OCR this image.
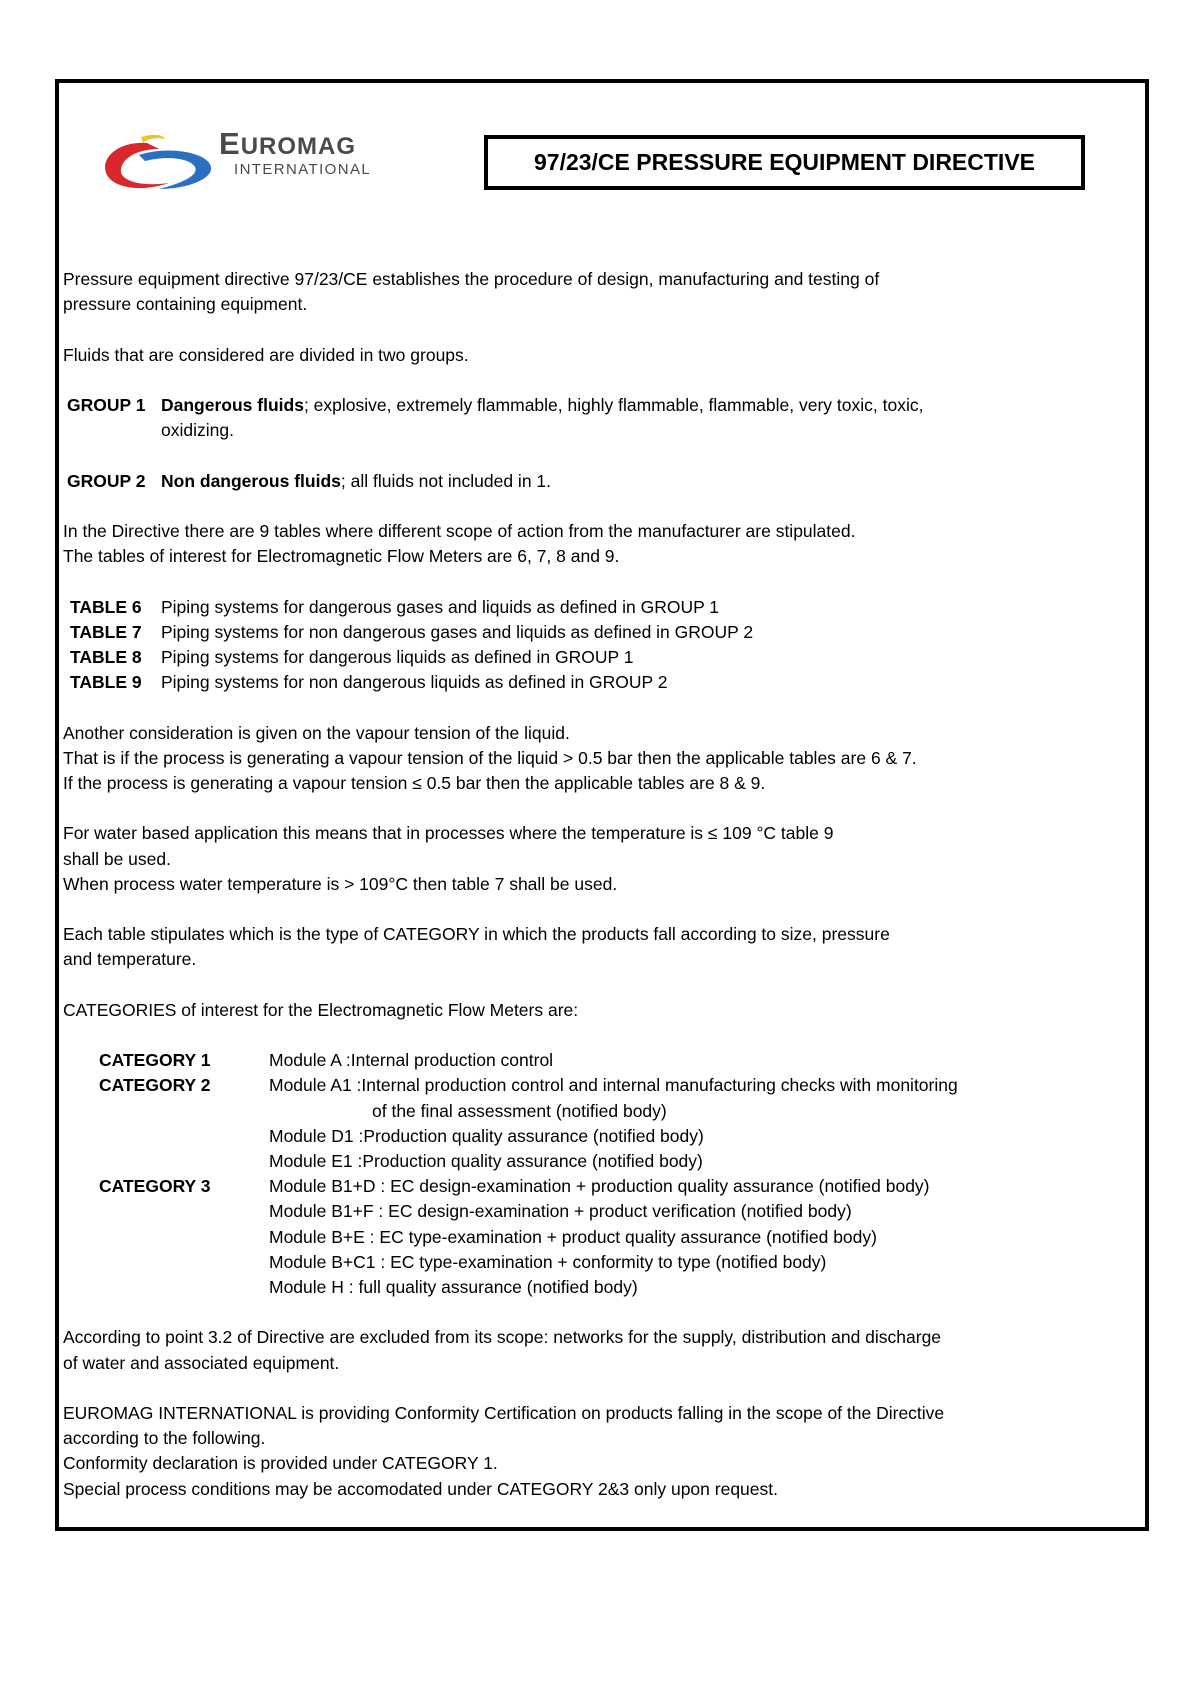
EUROMAG
INTERNATIONAL	97/23/CE PRESSURE EQUIPMENT DIRECTIVE

Pressure equipment directive 97/23/CE establishes the procedure of design, manufacturing and testing of

pressure containing equipment.

Fluids that are considered are divided in two groups.

GROUP 1 Dangerous fluids; explosive, extremely flammable, highly flammable, flammable, very toxic, toxic,
oxidizing.
GROUP 2 Non dangerous fluids; all fluids not included in 1.

In the Directive there are 9 tables where different scope of action from the manufacturer are stipulated.

The tables of interest for Electromagnetic Flow Meters are 6, 7, 8 and 9.

TABLE 6	Piping systems for dangerous gases and liquids as defined in GROUP 1
TABLE 7	Piping systems for non dangerous gases and liquids as defined in GROUP 2
TABLE 8	Piping systems for dangerous liquids as defined in GROUP 1
TABLE 9	Piping systems for non dangerous liquids as defined in GROUP 2

Another consideration is given on the vapour tension of the liquid.

That is if the process is generating a vapour tension of the liquid > 0.5 bar then the applicable tables are 6 & 7.

If the process is generating a vapour tension ≤ 0.5 bar then the applicable tables are 8 & 9.

For water based application this means that in processes where the temperature is ≤ 109 °C table 9

shall be used.

When process water temperature is > 109°C then table 7 shall be used.

Each table stipulates which is the type of CATEGORY in which the products fall according to size, pressure

and temperature.

CATEGORIES of interest for the Electromagnetic Flow Meters are:

CATEGORY 1	Module A :Internal production control
CATEGORY 2	Module A1 :Internal production control and internal manufacturing checks with monitoring
of the final assessment (notified body)
Module D1 :Production quality assurance (notified body)
Module E1 :Production quality assurance (notified body)
CATEGORY 3	Module B1+D : EC design-examination + production quality assurance (notified body)
Module B1+F : EC design-examination + product verification (notified body)
Module B+E : EC type-examination + product quality assurance (notified body)
Module B+C1 : EC type-examination + conformity to type (notified body)
Module H : full quality assurance (notified body)

According to point 3.2 of Directive are excluded from its scope: networks for the supply, distribution and discharge

of water and associated equipment.

EUROMAG INTERNATIONAL is providing Conformity Certification on products falling in the scope of the Directive

according to the following.

Conformity declaration is provided under CATEGORY 1.

Special process conditions may be accomodated under CATEGORY 2&3 only upon request.
